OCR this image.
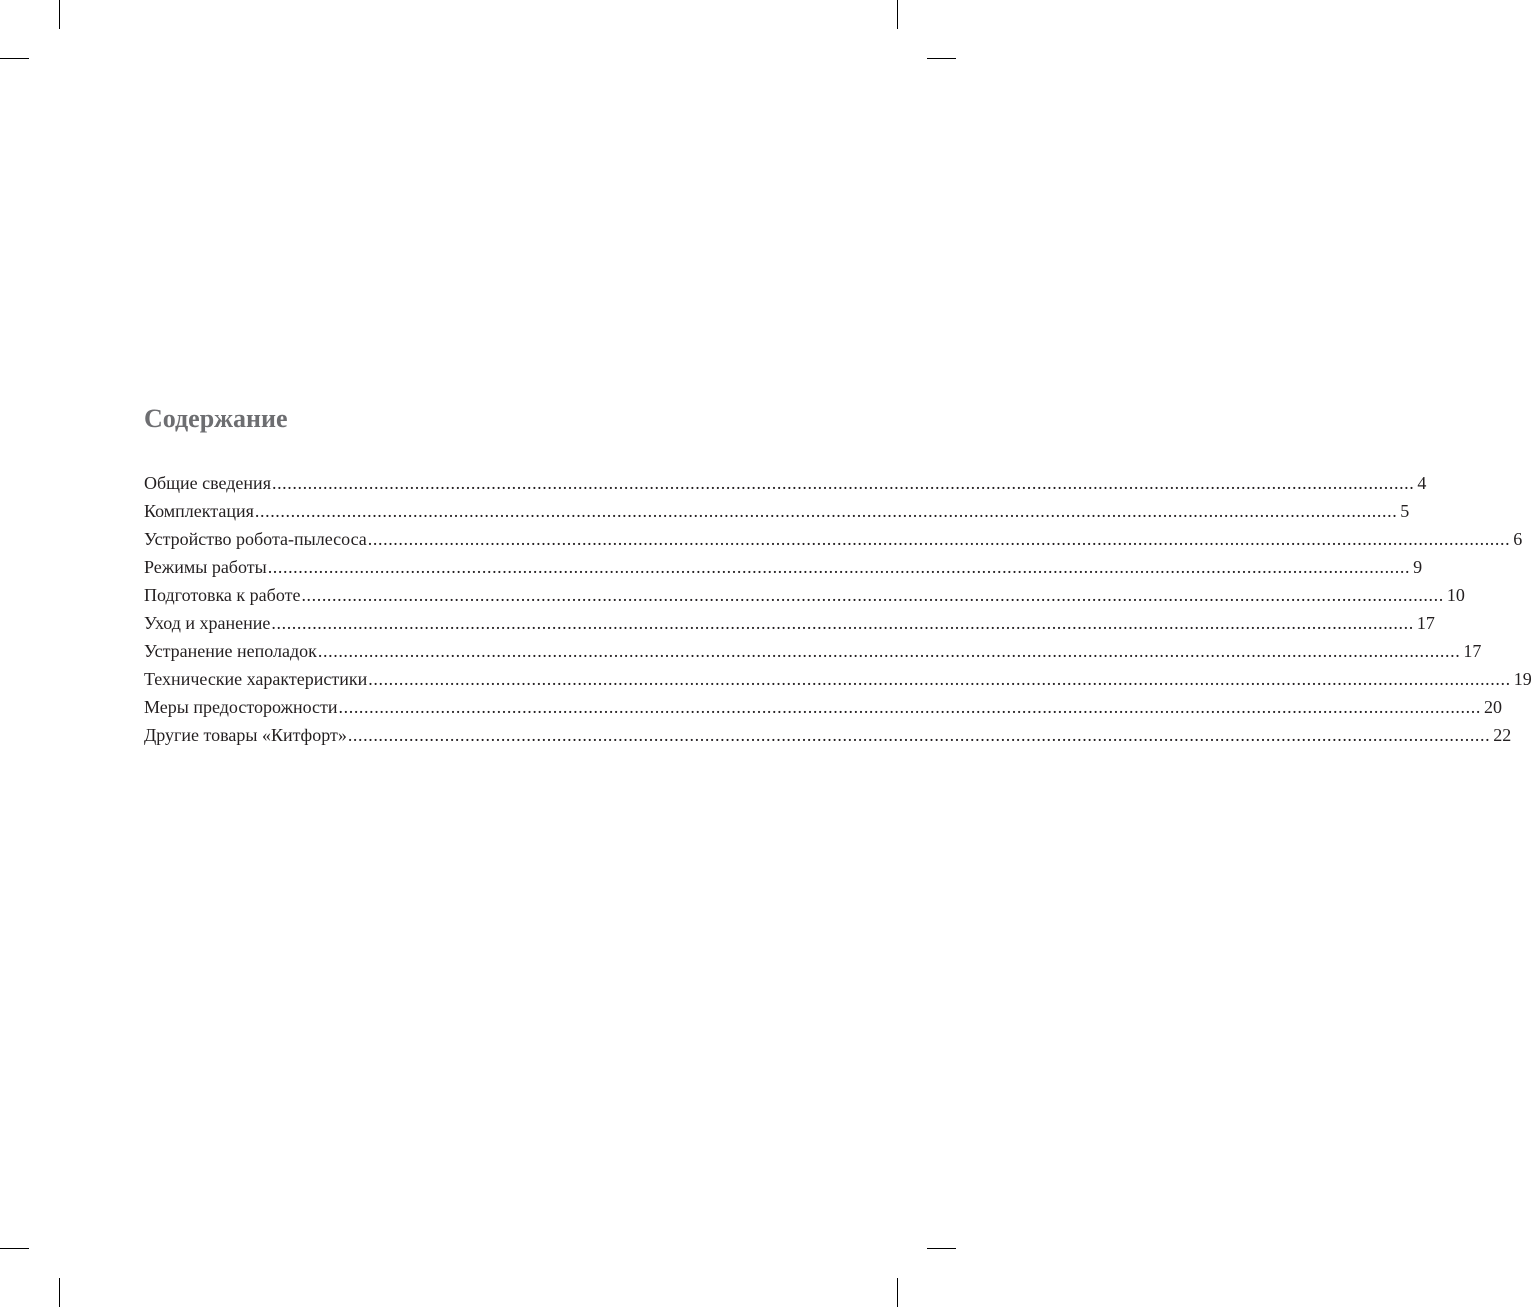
Содержание
Общие сведения ................................................................................................................................................................................................................................ 4
Комплектация ................................................................................................................................................................................................................................ 5
Устройство робота-пылесоса ................................................................................................................................................................................................................................ 6
Режимы работы ................................................................................................................................................................................................................................ 9
Подготовка к работе ................................................................................................................................................................................................................................ 10
Уход и хранение ................................................................................................................................................................................................................................ 17
Устранение неполадок ................................................................................................................................................................................................................................ 17
Технические характеристики ................................................................................................................................................................................................................................ 19
Меры предосторожности ................................................................................................................................................................................................................................ 20
Другие товары «Китфорт» ................................................................................................................................................................................................................................ 22
